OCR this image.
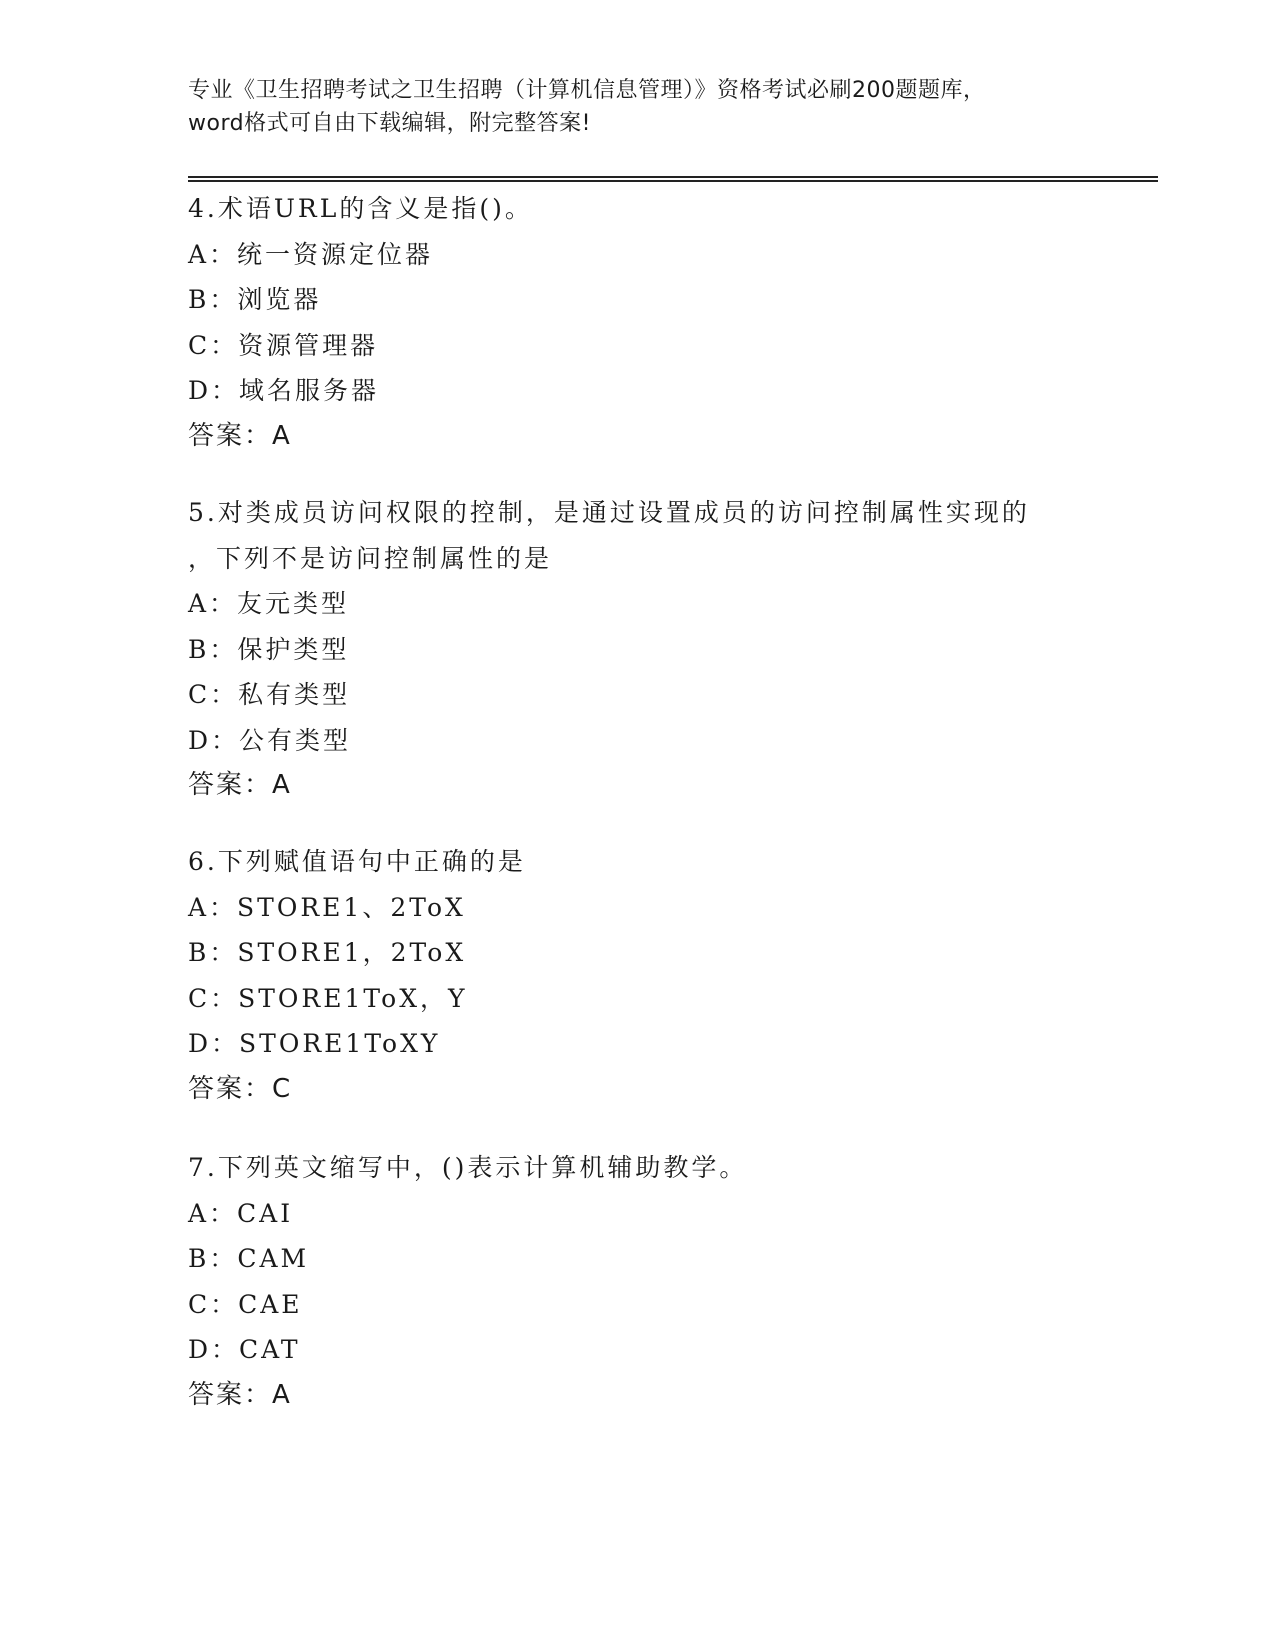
专业《卫生招聘考试之卫生招聘（计算机信息管理）》资格考试必刷200题题库，
word格式可自由下载编辑，附完整答案!
4.术语URL的含义是指()。
A：统一资源定位器
B：浏览器
C：资源管理器
D：域名服务器
答案：A
5.对类成员访问权限的控制，是通过设置成员的访问控制属性实现的
，下列不是访问控制属性的是
A：友元类型
B：保护类型
C：私有类型
D：公有类型
答案：A
6.下列赋值语句中正确的是
A：STORE1、2ToX
B：STORE1，2ToX
C：STORE1ToX，Y
D：STORE1ToXY
答案：C
7.下列英文缩写中，()表示计算机辅助教学。
A：CAI
B：CAM
C：CAE
D：CAT
答案：A
